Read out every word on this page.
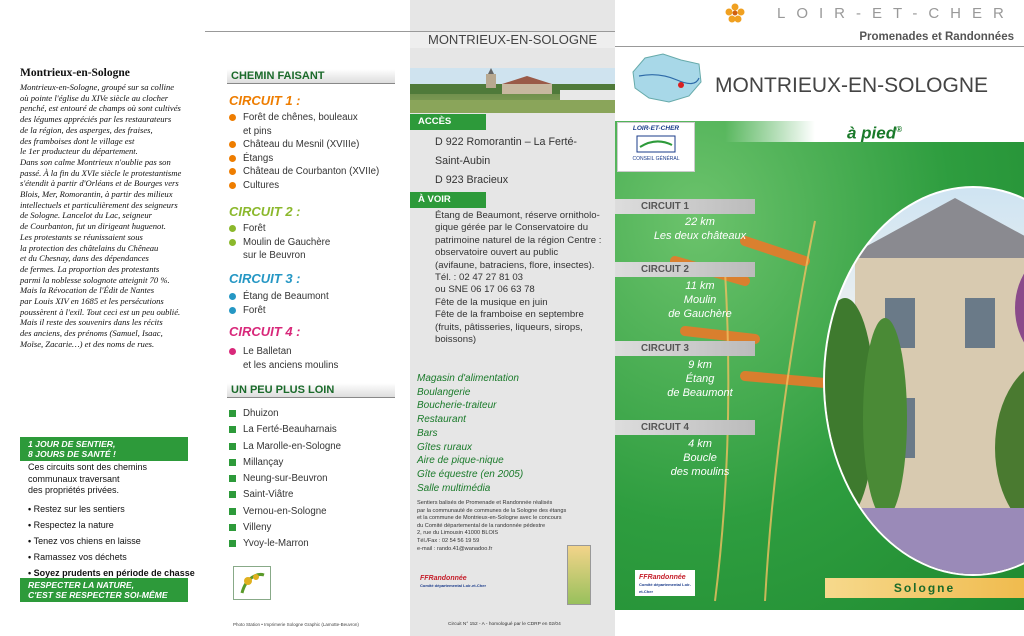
Montrieux-en-Sologne

Montrieux-en-Sologne, groupé sur sa colline

où pointe l'église du XIVe siècle au clocher

penché, est entouré de champs où sont cultivés

des légumes appréciés par les restaurateurs

de la région, des asperges, des fraises,

des framboises dont le village est

le 1er producteur du département.

Dans son calme Montrieux n'oublie pas son

passé. À la fin du XVIe siècle le protestantisme

s'étendit à partir d'Orléans et de Bourges vers

Blois, Mer, Romorantin, à partir des milieux

intellectuels et particulièrement des seigneurs

de Sologne. Lancelot du Lac, seigneur

de Courbanton, fut un dirigeant huguenot.

Les protestants se réunissaient sous

la protection des châtelains du Chêneau

et du Chesnay, dans des dépendances

de fermes. La proportion des protestants

parmi la noblesse solognote atteignit 70 %.

Mais la Révocation de l'Édit de Nantes

par Louis XIV en 1685 et les persécutions

poussèrent à l'exil. Tout ceci est un peu oublié.

Mais il reste des souvenirs dans les récits

des anciens, des prénoms (Samuel, Isaac,

Moïse, Zacarie…) et des noms de rues.

1 JOUR DE SENTIER,
8 JOURS DE SANTÉ !
Ces circuits sont des chemins
communaux traversant
des propriétés privées.
• Restez sur les sentiers
• Respectez la nature
• Tenez vos chiens en laisse
• Ramassez vos déchets
• Soyez prudents en période de chasse
RESPECTER LA NATURE,
C'EST SE RESPECTER SOI-MÊME
CHEMIN FAISANT
CIRCUIT 1 :
Forêt de chênes, bouleaux
et pins
Château du Mesnil (XVIIIe)
Étangs
Château de Courbanton (XVIIe)
Cultures
CIRCUIT 2 :
Forêt
Moulin de Gauchère
sur le Beuvron
CIRCUIT 3 :
Étang de Beaumont
Forêt
CIRCUIT 4 :
Le Balletan
et les anciens moulins
UN PEU PLUS LOIN
Dhuizon
La Ferté-Beauharnais
La Marolle-en-Sologne
Millançay
Neung-sur-Beuvron
Saint-Viâtre
Vernou-en-Sologne
Villeny
Yvoy-le-Marron
Photo Station • Imprimerie Sologne Graphic (Lamotte-Beuvron)
MONTRIEUX-EN-SOLOGNE
ACCÈS
D 922 Romorantin – La Ferté-
Saint-Aubin
D 923 Bracieux
À VOIR
Étang de Beaumont, réserve ornitholo-
gique gérée par le Conservatoire du
patrimoine naturel de la région Centre :
observatoire ouvert au public
(avifaune, batraciens, flore, insectes).
Tél. : 02 47 27 81 03
ou SNE 06 17 06 63 78
Fête de la musique en juin
Fête de la framboise en septembre
(fruits, pâtisseries, liqueurs, sirops,
boissons)
Magasin d'alimentation
Boulangerie
Boucherie-traiteur
Restaurant
Bars
Gîtes ruraux
Aire de pique-nique
Gîte équestre (en 2005)
Salle multimédia
Sentiers balisés de Promenade et Randonnée réalisés
par la communauté de communes de la Sologne des étangs
et la commune de Montrieux-en-Sologne avec le concours
du Comité départemental de la randonnée pédestre
2, rue du Limousin 41000 BLOIS
Tél./Fax : 02 54 56 19 59
e-mail : rando.41@wanadoo.fr
FFRandonnée
Comité départemental Loir-et-Cher
Circuit N° 152 - A - homologué par le CDRP en 02/04
LOIR-ET-CHER
Promenades et Randonnées
MONTRIEUX-EN-SOLOGNE
à pied®
LOIR-ET-CHER
CONSEIL GÉNÉRAL
CIRCUIT 1
22 km
Les deux châteaux
CIRCUIT 2
11 km
Moulin
de Gauchère
CIRCUIT 3
9 km
Étang
de Beaumont
CIRCUIT 4
4 km
Boucle
des moulins
FFRandonnée
Comité départemental Loir-et-Cher	Sologne
